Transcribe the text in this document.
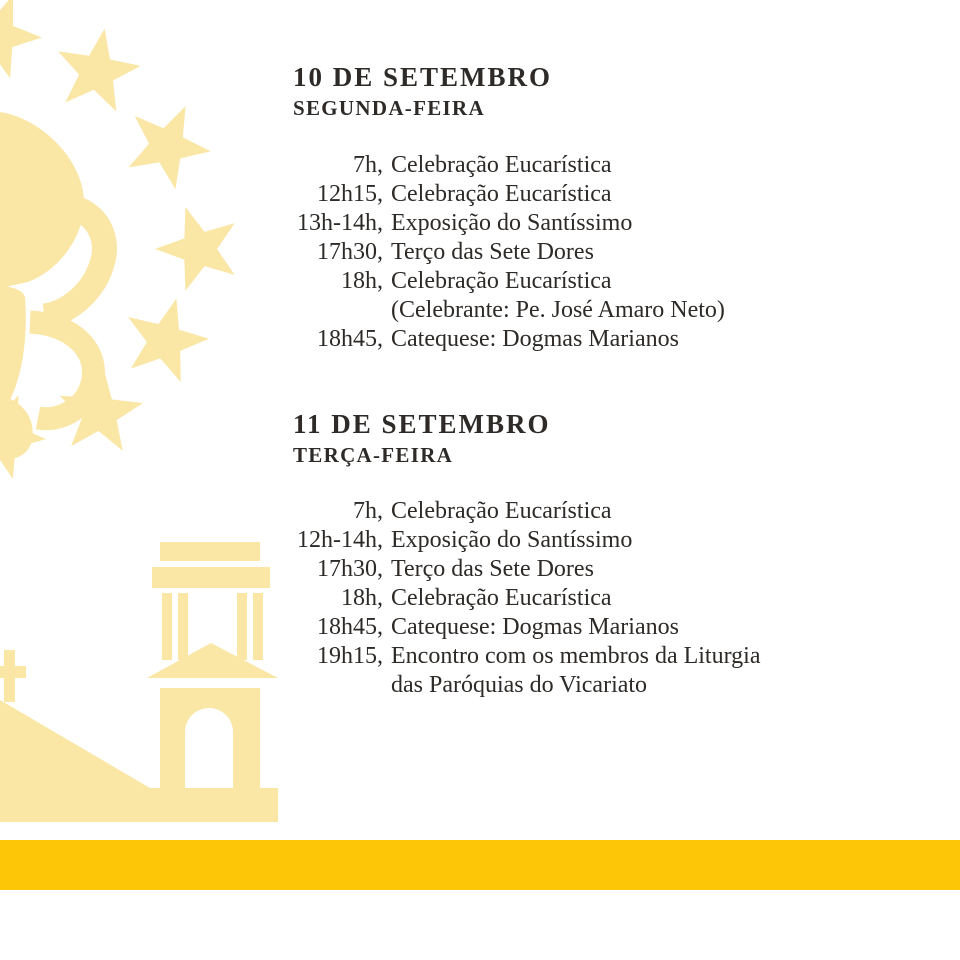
10 DE SETEMBRO
SEGUNDA-FEIRA
7h, Celebração Eucarística
12h15, Celebração Eucarística
13h-14h, Exposição do Santíssimo
17h30, Terço das Sete Dores
18h, Celebração Eucarística
(Celebrante: Pe. José Amaro Neto)
18h45, Catequese: Dogmas Marianos
11 DE SETEMBRO
TERÇA-FEIRA
7h, Celebração Eucarística
12h-14h, Exposição do Santíssimo
17h30, Terço das Sete Dores
18h, Celebração Eucarística
18h45, Catequese: Dogmas Marianos
19h15, Encontro com os membros da Liturgia
das Paróquias do Vicariato
